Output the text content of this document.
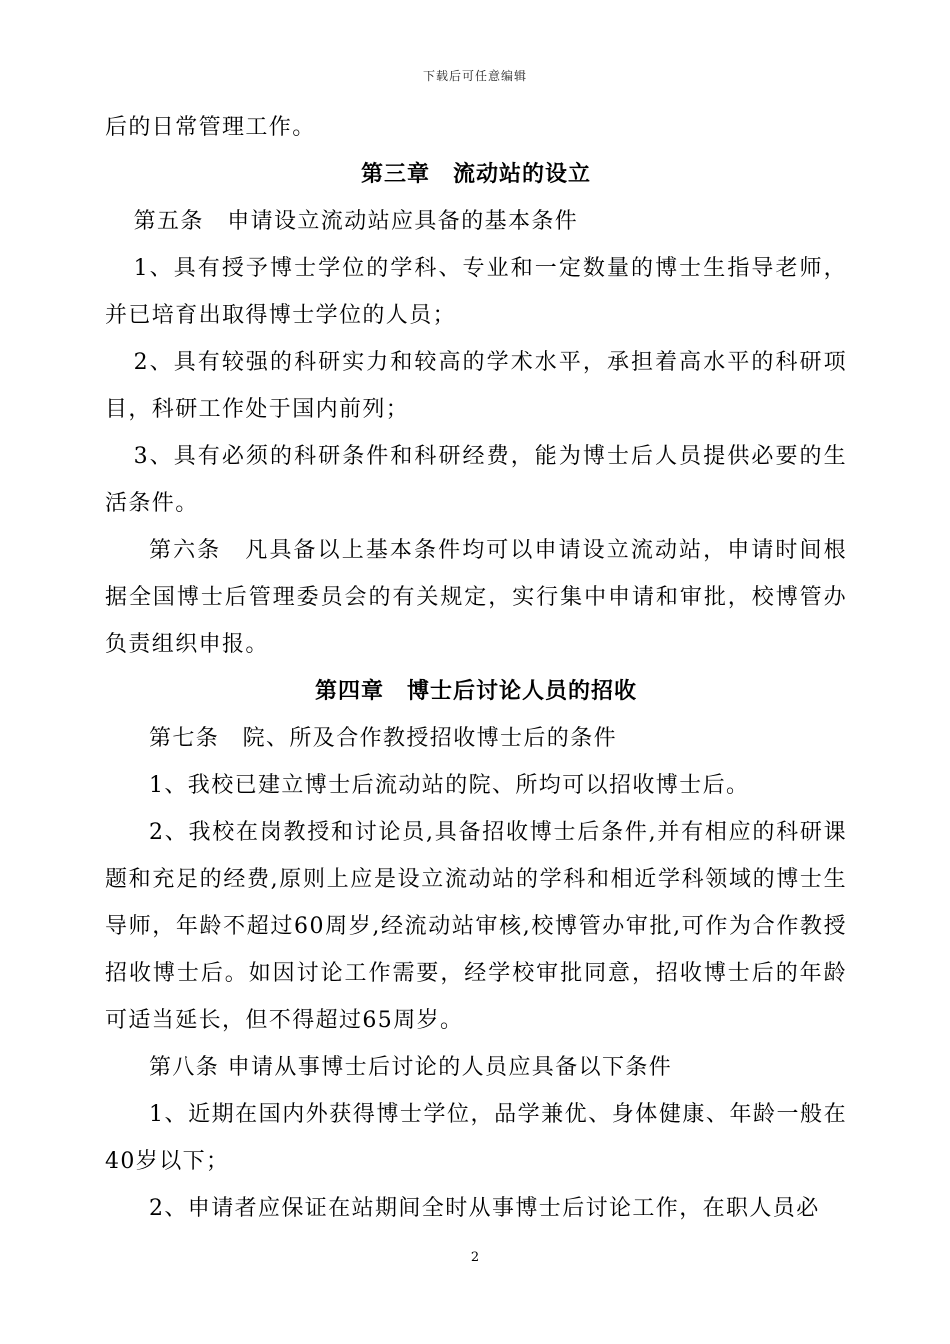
下载后可任意编辑

后的日常管理工作。

第三章　流动站的设立

第五条　申请设立流动站应具备的基本条件

1、具有授予博士学位的学科、专业和一定数量的博士生指导老师，并已培育出取得博士学位的人员；

2、具有较强的科研实力和较高的学术水平，承担着高水平的科研项目，科研工作处于国内前列；

3、具有必须的科研条件和科研经费，能为博士后人员提供必要的生活条件。

第六条　凡具备以上基本条件均可以申请设立流动站，申请时间根据全国博士后管理委员会的有关规定，实行集中申请和审批，校博管办负责组织申报。

第四章　博士后讨论人员的招收

第七条　院、所及合作教授招收博士后的条件

1、我校已建立博士后流动站的院、所均可以招收博士后。

2、我校在岗教授和讨论员,具备招收博士后条件,并有相应的科研课题和充足的经费,原则上应是设立流动站的学科和相近学科领域的博士生导师，年龄不超过60周岁,经流动站审核,校博管办审批,可作为合作教授招收博士后。如因讨论工作需要，经学校审批同意，招收博士后的年龄可适当延长，但不得超过65周岁。

第八条 申请从事博士后讨论的人员应具备以下条件

1、近期在国内外获得博士学位，品学兼优、身体健康、年龄一般在40岁以下；

2、申请者应保证在站期间全时从事博士后讨论工作，在职人员必

2
